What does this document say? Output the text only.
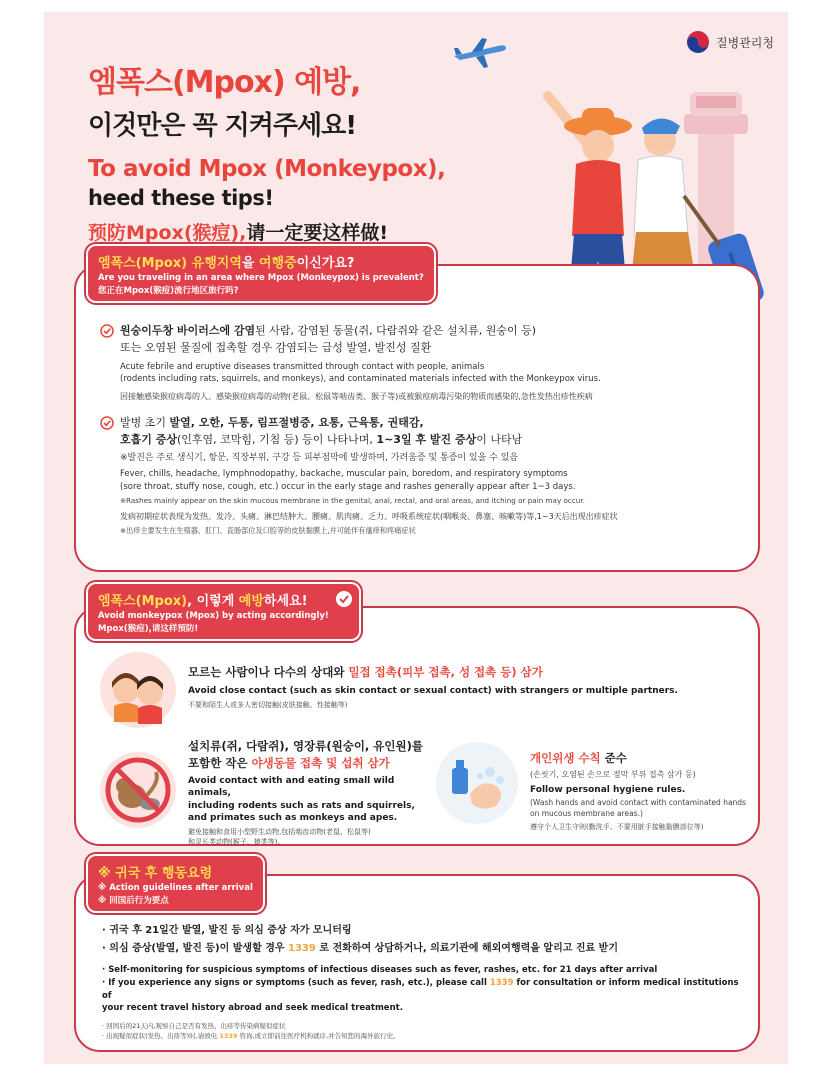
질병관리청
엠폭스(Mpox) 예방,
이것만은 꼭 지켜주세요!
To avoid Mpox (Monkeypox),
heed these tips!
预防Mpox(猴痘),请一定要这样做!
엠폭스(Mpox) 유행지역을 여행중이신가요?
Are you traveling in an area where Mpox (Monkeypox) is prevalent?
您正在Mpox(猴痘)流行地区旅行吗?
원숭이두창 바이러스에 감염된 사람, 감염된 동물(쥐, 다람쥐와 같은 설치류, 원숭이 등)
또는 오염된 물질에 접촉할 경우 감염되는 급성 발열, 발진성 질환
Acute febrile and eruptive diseases transmitted through contact with people, animals
(rodents including rats, squirrels, and monkeys), and contaminated materials infected with the Monkeypox virus.
因接触感染猴痘病毒的人、感染猴痘病毒的动物(老鼠、松鼠等啮齿类、猴子等)或被猴痘病毒污染的物质而感染的,急性发热出疹性疾病
발병 초기 발열, 오한, 두통, 림프절병증, 요통, 근육통, 권태감,
호흡기 증상(인후염, 코막힘, 기침 등) 등이 나타나며, 1~3일 후 발진 증상이 나타남
※발진은 주로 생식기, 항문, 직장부위, 구강 등 피부점막에 발생하며, 가려움증 및 통증이 있을 수 있음
Fever, chills, headache, lymphnodopathy, backache, muscular pain, boredom, and respiratory symptoms
(sore throat, stuffy nose, cough, etc.) occur in the early stage and rashes generally appear after 1~3 days.
※Rashes mainly appear on the skin mucous membrane in the genital, anal, rectal, and oral areas, and itching or pain may occur.
发病初期症状表现为发热、发冷、头痛、淋巴结肿大、腰痛、肌肉痛、乏力、呼吸系统症状(咽喉炎、鼻塞、咳嗽等)等,1~3天后出现出疹症状
※出疹主要发生在生殖器、肛门、直肠部位及口腔等的皮肤黏膜上,并可能伴有瘙痒和疼痛症状
엠폭스(Mpox), 이렇게 예방하세요!
Avoid monkeypox (Mpox) by acting accordingly!
Mpox(猴痘),请这样预防!
모르는 사람이나 다수의 상대와 밀접 접촉(피부 접촉, 성 접촉 등) 삼가
Avoid close contact (such as skin contact or sexual contact) with strangers or multiple partners.
不要和陌生人或多人密切接触(皮肤接触、性接触等)
설치류(쥐, 다람쥐), 영장류(원숭이, 유인원)를
포함한 작은 야생동물 접촉 및 섭취 삼가
Avoid contact with and eating small wild animals,
including rodents such as rats and squirrels,
and primates such as monkeys and apes.
避免接触和食用小型野生动物,包括啮齿动物(老鼠、松鼠等)
和灵长类动物(猴子、猿类等)。
개인위생 수칙 준수
(손씻기, 오염된 손으로 점막 부위 접촉 삼가 등)
Follow personal hygiene rules.
(Wash hands and avoid contact with contaminated hands
on mucous membrane areas.)
遵守个人卫生守则(勤洗手、不要用脏手接触黏膜部位等)
※ 귀국 후 행동요령
※ Action guidelines after arrival
※ 回国后行为要点
· 귀국 후 21일간 발열, 발진 등 의심 증상 자가 모니터링
· 의심 증상(발열, 발진 등)이 발생할 경우 1339 로 전화하여 상담하거나, 의료기관에 해외여행력을 알리고 진료 받기
· Self-monitoring for suspicious symptoms of infectious diseases such as fever, rashes, etc. for 21 days after arrival
· If you experience any signs or symptoms (such as fever, rash, etc.), please call 1339 for consultation or inform medical institutions of
your recent travel history abroad and seek medical treatment.
· 回国后的21天内,观察自己是否有发热、出疹等传染病疑似症状
· 出现疑似症状(发热、出疹等)时,请致电 1339 咨询,或立即前往医疗机构就诊,并告知您的海外旅行史。
